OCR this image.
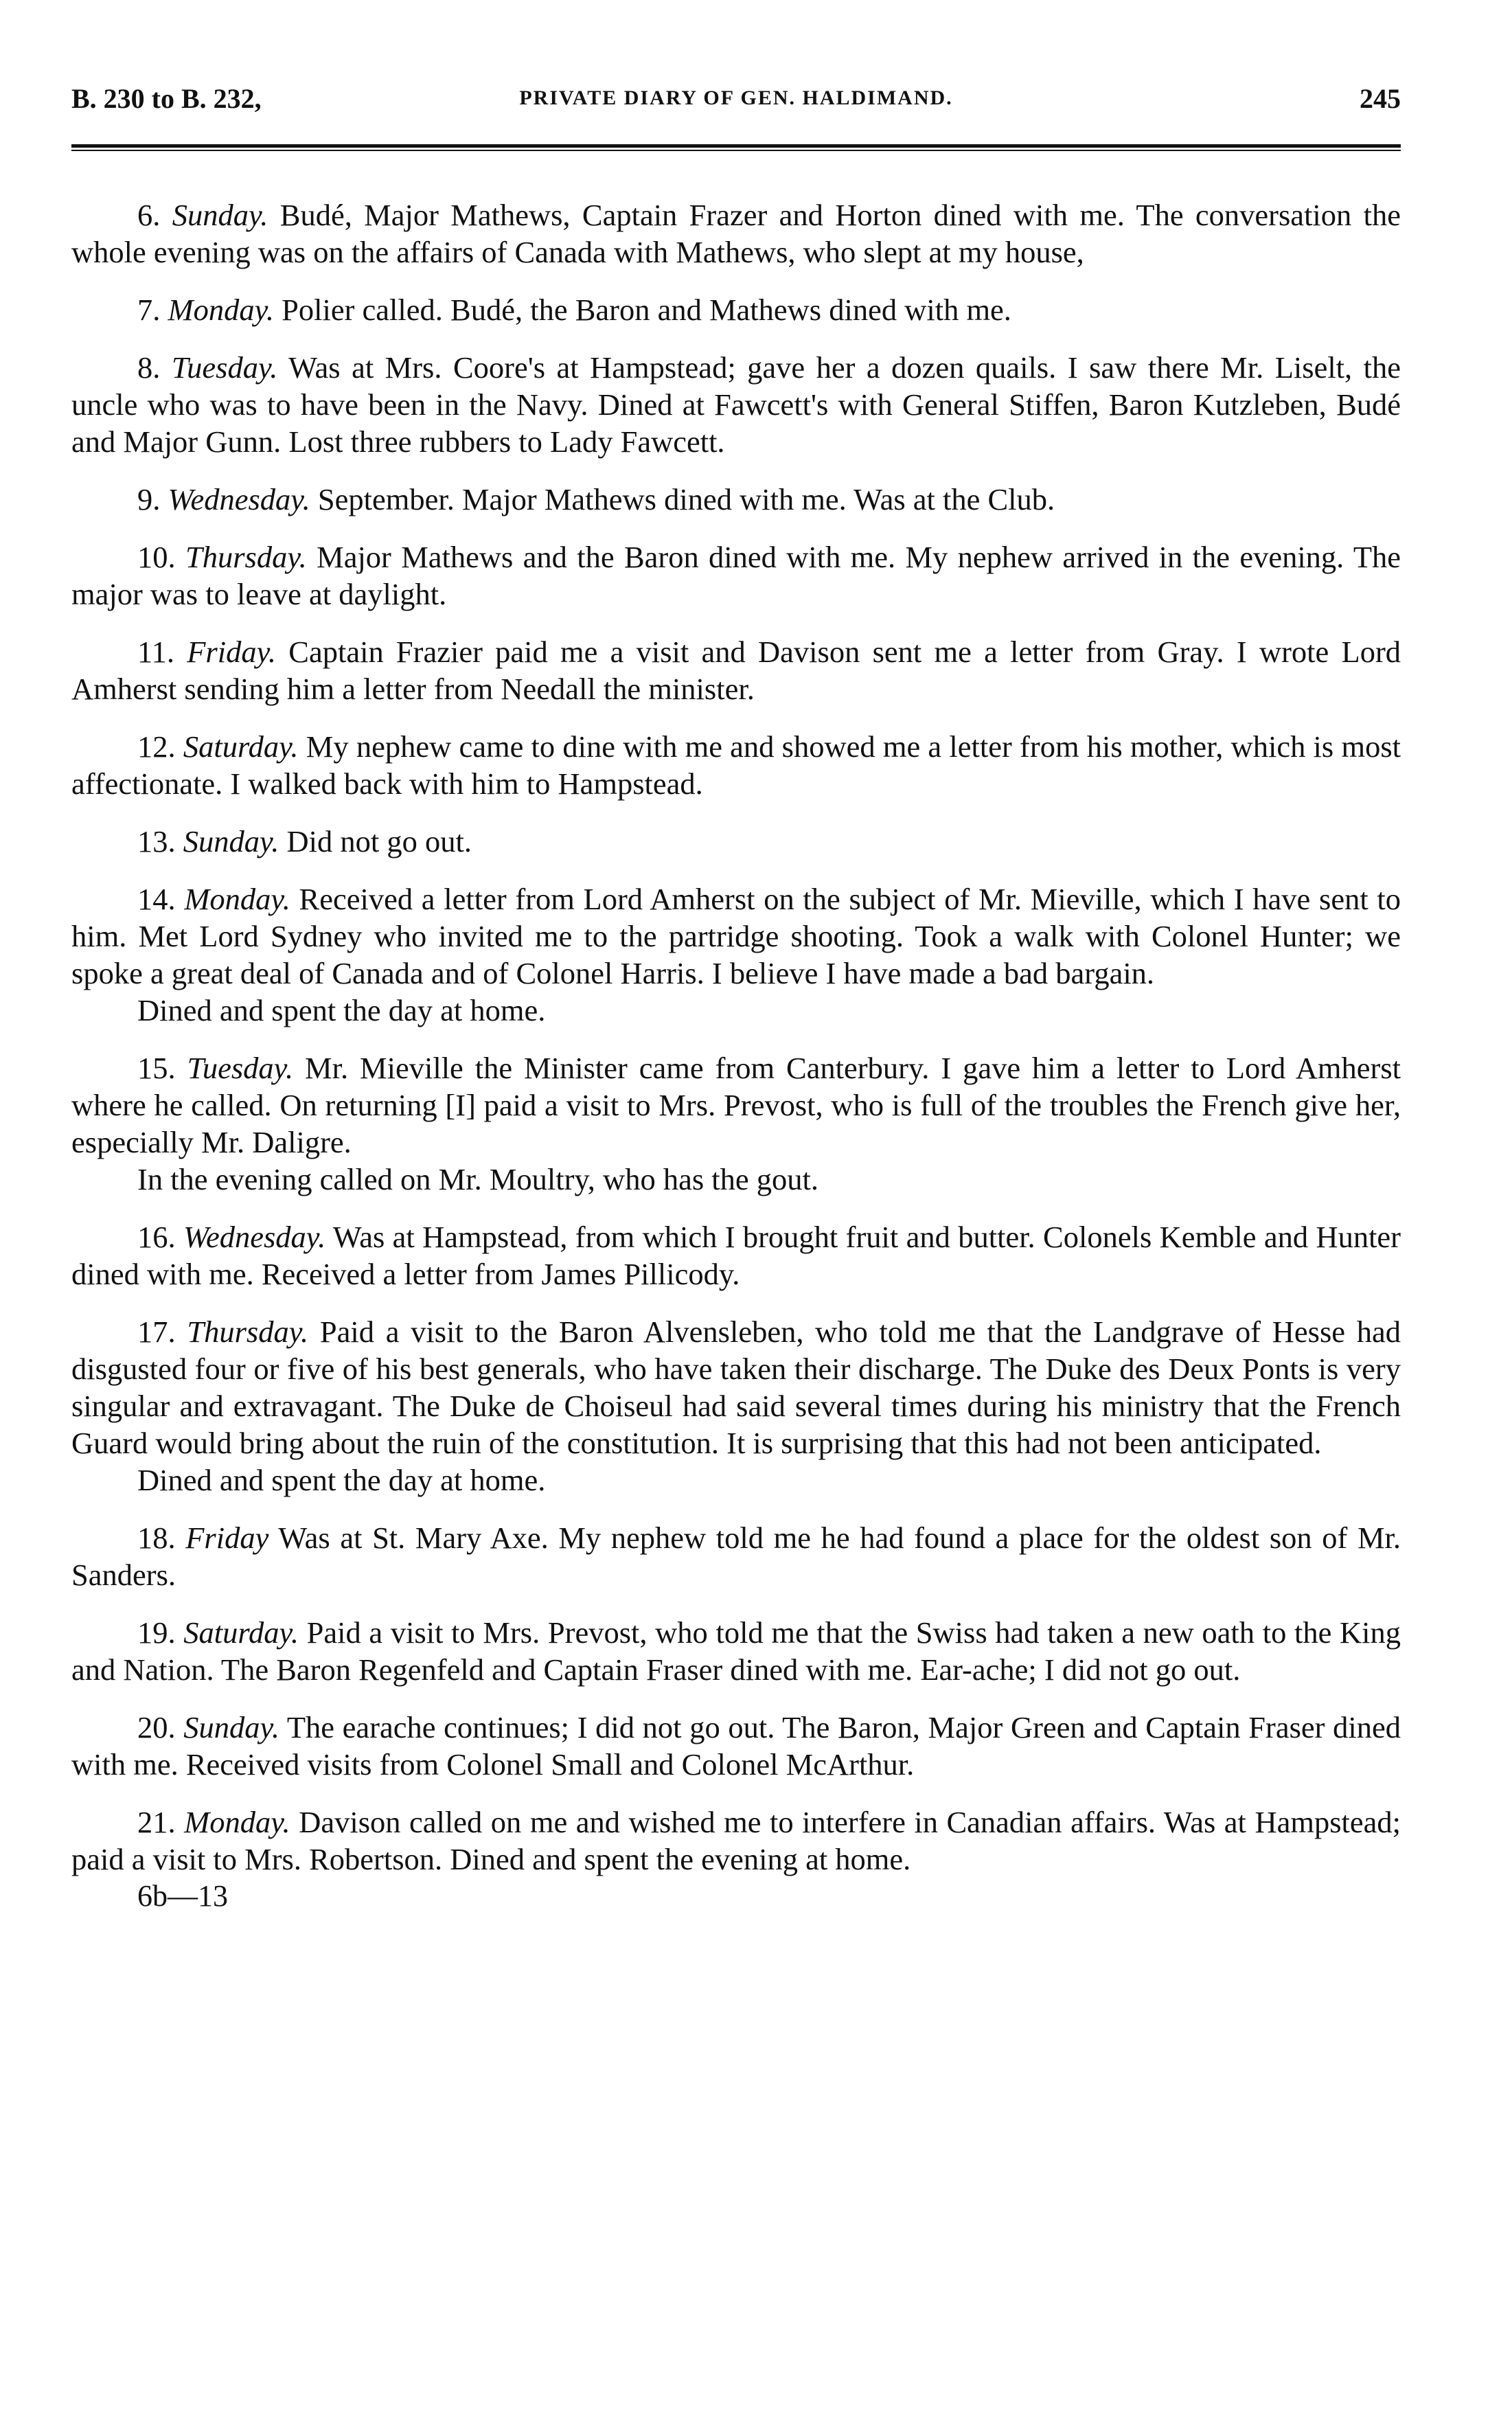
B. 230 to B. 232,	PRIVATE DIARY OF GEN. HALDIMAND.	245

6. Sunday. Budé, Major Mathews, Captain Frazer and Horton dined with me. The conversation the whole evening was on the affairs of Canada with Mathews, who slept at my house,

7. Monday. Polier called. Budé, the Baron and Mathews dined with me.

8. Tuesday. Was at Mrs. Coore's at Hampstead; gave her a dozen quails. I saw there Mr. Liselt, the uncle who was to have been in the Navy. Dined at Fawcett's with General Stiffen, Baron Kutzleben, Budé and Major Gunn. Lost three rubbers to Lady Fawcett.

9. Wednesday. September. Major Mathews dined with me. Was at the Club.

10. Thursday. Major Mathews and the Baron dined with me. My nephew arrived in the evening. The major was to leave at daylight.

11. Friday. Captain Frazier paid me a visit and Davison sent me a letter from Gray. I wrote Lord Amherst sending him a letter from Needall the minister.

12. Saturday. My nephew came to dine with me and showed me a letter from his mother, which is most affectionate. I walked back with him to Hampstead.

13. Sunday. Did not go out.

14. Monday. Received a letter from Lord Amherst on the subject of Mr. Mieville, which I have sent to him. Met Lord Sydney who invited me to the partridge shooting. Took a walk with Colonel Hunter; we spoke a great deal of Canada and of Colonel Harris. I believe I have made a bad bargain.
Dined and spent the day at home.

15. Tuesday. Mr. Mieville the Minister came from Canterbury. I gave him a letter to Lord Amherst where he called. On returning [I] paid a visit to Mrs. Prevost, who is full of the troubles the French give her, especially Mr. Daligre.
In the evening called on Mr. Moultry, who has the gout.

16. Wednesday. Was at Hampstead, from which I brought fruit and butter. Colonels Kemble and Hunter dined with me. Received a letter from James Pillicody.

17. Thursday. Paid a visit to the Baron Alvensleben, who told me that the Landgrave of Hesse had disgusted four or five of his best generals, who have taken their discharge. The Duke des Deux Ponts is very singular and extravagant. The Duke de Choiseul had said several times during his ministry that the French Guard would bring about the ruin of the constitution. It is surprising that this had not been anticipated.
Dined and spent the day at home.

18. Friday Was at St. Mary Axe. My nephew told me he had found a place for the oldest son of Mr. Sanders.

19. Saturday. Paid a visit to Mrs. Prevost, who told me that the Swiss had taken a new oath to the King and Nation. The Baron Regenfeld and Captain Fraser dined with me. Ear-ache; I did not go out.

20. Sunday. The earache continues; I did not go out. The Baron, Major Green and Captain Fraser dined with me. Received visits from Colonel Small and Colonel McArthur.

21. Monday. Davison called on me and wished me to interfere in Canadian affairs. Was at Hampstead; paid a visit to Mrs. Robertson. Dined and spent the evening at home.

6b—13
